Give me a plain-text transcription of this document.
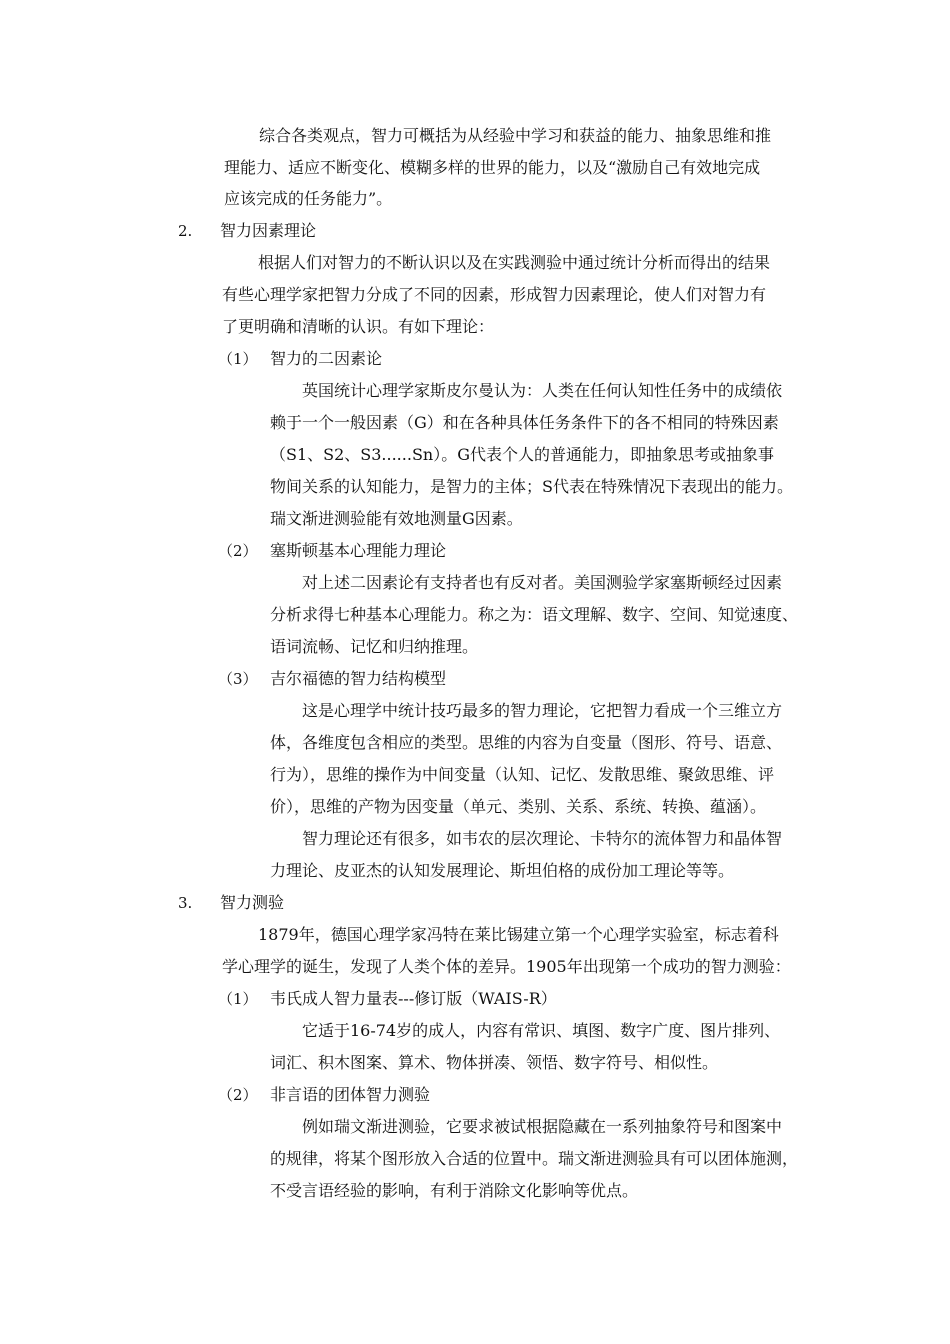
综合各类观点，智力可概括为从经验中学习和获益的能力、抽象思维和推
理能力、适应不断变化、模糊多样的世界的能力，以及“激励自己有效地完成
应该完成的任务能力”。
2. 智力因素理论
根据人们对智力的不断认识以及在实践测验中通过统计分析而得出的结果
有些心理学家把智力分成了不同的因素，形成智力因素理论，使人们对智力有
了更明确和清晰的认识。有如下理论：
（1） 智力的二因素论
英国统计心理学家斯皮尔曼认为：人类在任何认知性任务中的成绩依
赖于一个一般因素（G）和在各种具体任务条件下的各不相同的特殊因素
（S1、S2、S3......Sn）。G代表个人的普通能力，即抽象思考或抽象事
物间关系的认知能力，是智力的主体；S代表在特殊情况下表现出的能力。
瑞文渐进测验能有效地测量G因素。
（2） 塞斯顿基本心理能力理论
对上述二因素论有支持者也有反对者。美国测验学家塞斯顿经过因素
分析求得七种基本心理能力。称之为：语文理解、数字、空间、知觉速度、
语词流畅、记忆和归纳推理。
（3） 吉尔福德的智力结构模型
这是心理学中统计技巧最多的智力理论，它把智力看成一个三维立方
体，各维度包含相应的类型。思维的内容为自变量（图形、符号、语意、
行为），思维的操作为中间变量（认知、记忆、发散思维、聚敛思维、评
价），思维的产物为因变量（单元、类别、关系、系统、转换、蕴涵）。
智力理论还有很多，如韦农的层次理论、卡特尔的流体智力和晶体智
力理论、皮亚杰的认知发展理论、斯坦伯格的成份加工理论等等。
3. 智力测验
1879年，德国心理学家冯特在莱比锡建立第一个心理学实验室，标志着科
学心理学的诞生，发现了人类个体的差异。1905年出现第一个成功的智力测验：
（1） 韦氏成人智力量表---修订版（WAIS-R）
它适于16-74岁的成人，内容有常识、填图、数字广度、图片排列、
词汇、积木图案、算术、物体拼凑、领悟、数字符号、相似性。
（2） 非言语的团体智力测验
例如瑞文渐进测验，它要求被试根据隐藏在一系列抽象符号和图案中
的规律，将某个图形放入合适的位置中。瑞文渐进测验具有可以团体施测，
不受言语经验的影响，有利于消除文化影响等优点。
